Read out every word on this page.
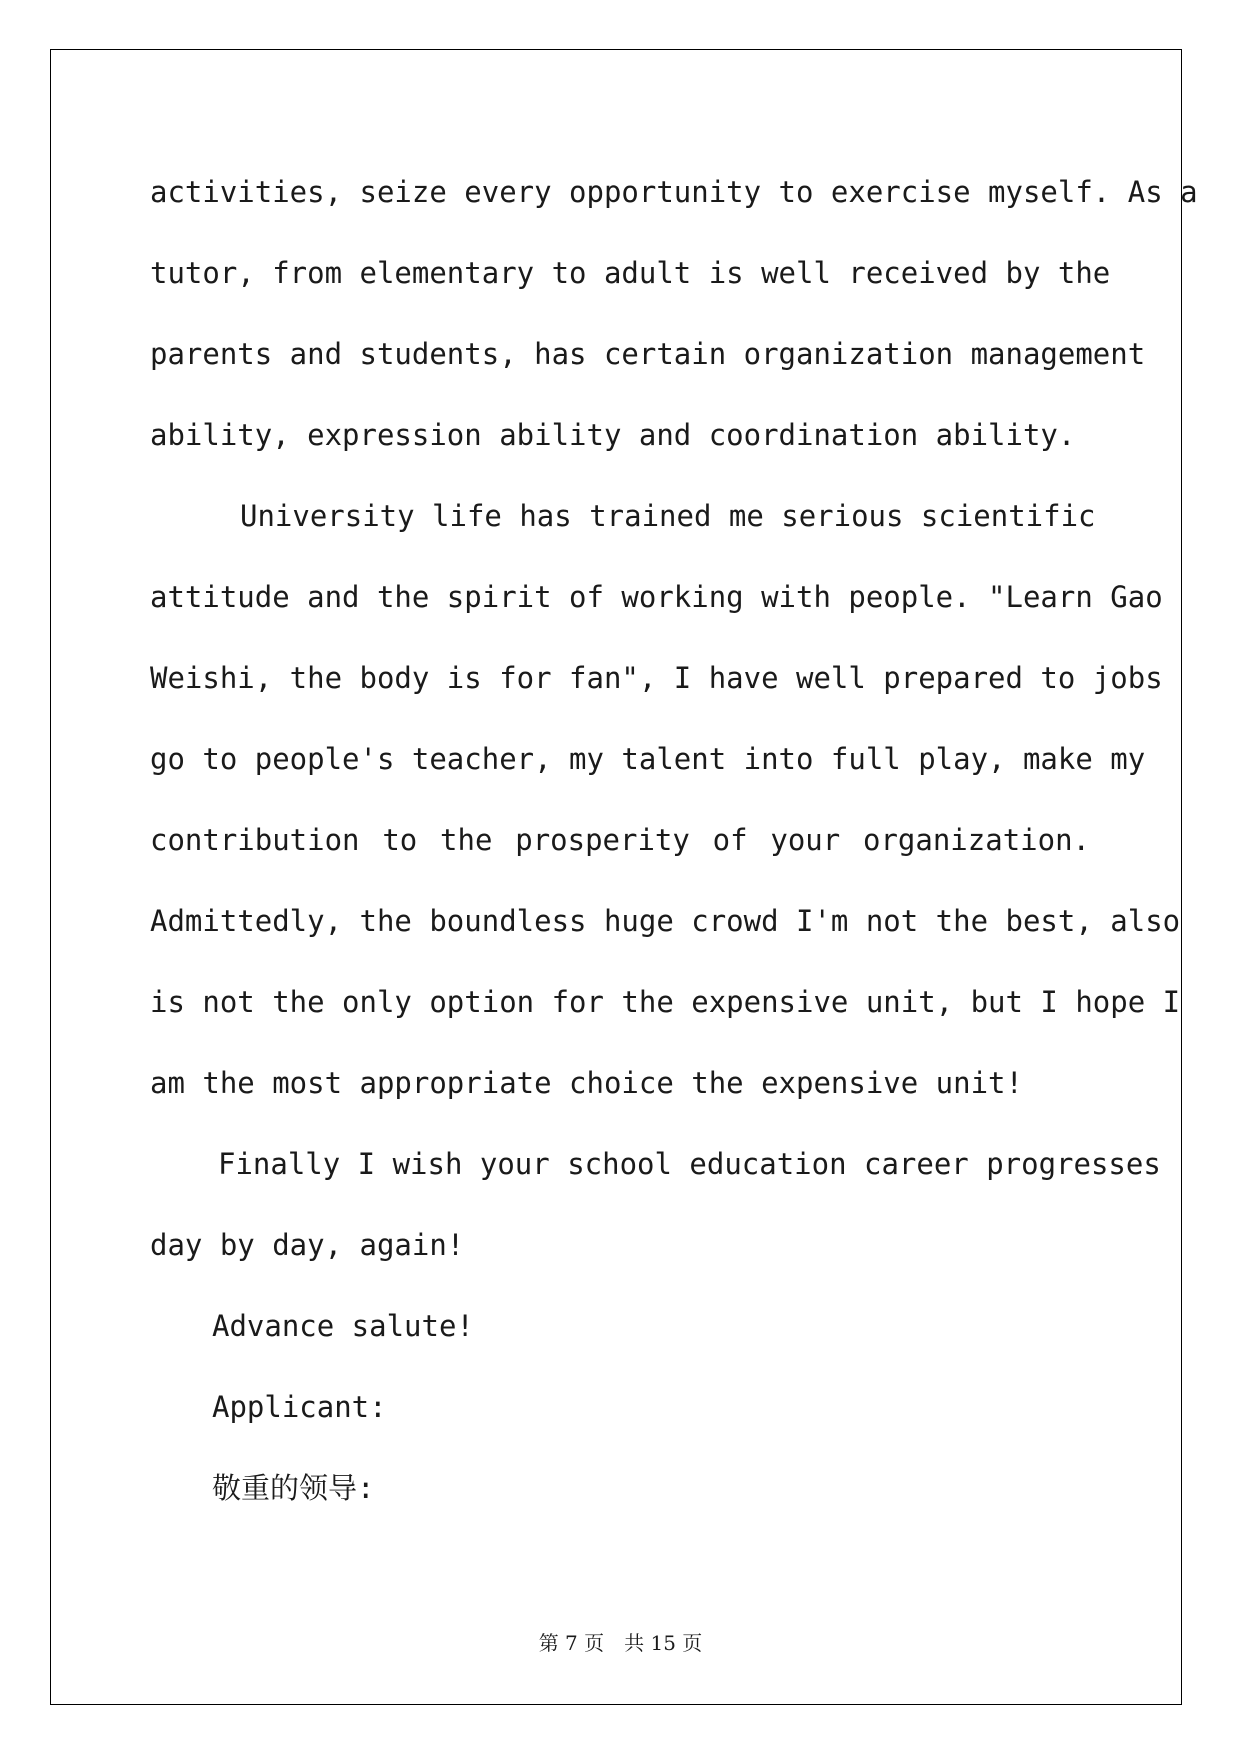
activities, seize every opportunity to exercise myself. As a
tutor, from elementary to adult is well received by the
parents and students, has certain organization management
ability, expression ability and coordination ability.
University life has trained me serious scientific
attitude and the spirit of working with people. "Learn Gao
Weishi, the body is for fan", I have well prepared to jobs
go to people's teacher, my talent into full play, make my
contribution to the prosperity of your organization.
Admittedly, the boundless huge crowd I'm not the best, also
is not the only option for the expensive unit, but I hope I
am the most appropriate choice the expensive unit!
Finally I wish your school education career progresses
day by day, again!
Advance salute!
Applicant:
敬重的领导:
第 7 页　共 15 页
